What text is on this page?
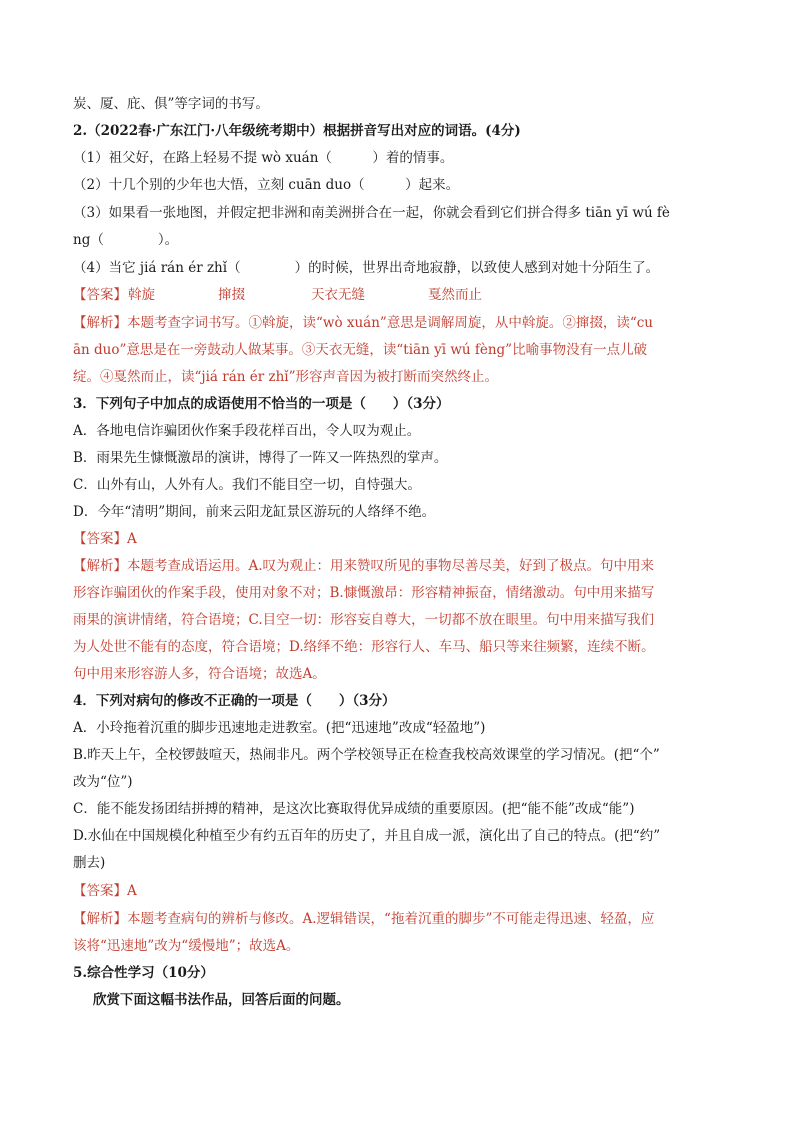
炭、厦、庇、俱”等字词的书写。
2.（2022春·广东江门·八年级统考期中）根据拼音写出对应的词语。(4分)
（1）祖父好，在路上轻易不提 wò xuán（　　　）着的情事。
（2）十几个别的少年也大悟，立刻 cuān duo（　　　）起来。
（3）如果看一张地图，并假定把非洲和南美洲拼合在一起，你就会看到它们拼合得多 tiān yī wú fè
ng（　　　　）。
（4）当它 jiá rán ér zhǐ（　　　　）的时候，世界出奇地寂静，以致使人感到对她十分陌生了。
【答案】 斡旋	撺掇	天衣无缝	戛然而止
【解析】本题考查字词书写。①斡旋，读“wò xuán”意思是调解周旋，从中斡旋。②撺掇，读“cu
ān duo”意思是在一旁鼓动人做某事。③天衣无缝，读“tiān yī wú fèng”比喻事物没有一点儿破
绽。④戛然而止，读“jiá rán ér zhǐ”形容声音因为被打断而突然终止。
3．下列句子中加点的成语使用不恰当的一项是（　　）（3分）
A．各地电信诈骗团伙作案手段花样百出，令人叹为观止。
B．雨果先生慷慨激昂的演讲，博得了一阵又一阵热烈的掌声。
C．山外有山，人外有人。我们不能目空一切，自恃强大。
D．今年“清明”期间，前来云阳龙缸景区游玩的人络绎不绝。
【答案】A
【解析】本题考查成语运用。A.叹为观止：用来赞叹所见的事物尽善尽美，好到了极点。句中用来
形容诈骗团伙的作案手段，使用对象不对；B.慷慨激昂：形容精神振奋，情绪激动。句中用来描写
雨果的演讲情绪，符合语境；C.目空一切：形容妄自尊大，一切都不放在眼里。句中用来描写我们
为人处世不能有的态度，符合语境；D.络绎不绝：形容行人、车马、船只等来往频繁，连续不断。
句中用来形容游人多，符合语境；故选A。
4．下列对病句的修改不正确的一项是（　　）（3分）
A．小玲拖着沉重的脚步迅速地走进教室。(把“迅速地”改成“轻盈地”)
B.昨天上午，全校锣鼓喧天，热闹非凡。两个学校领导正在检查我校高效课堂的学习情况。(把“个”
改为“位”)
C．能不能发扬团结拼搏的精神，是这次比赛取得优异成绩的重要原因。(把“能不能”改成“能”)
D.水仙在中国规模化种植至少有约五百年的历史了，并且自成一派，演化出了自己的特点。(把“约”
删去)
【答案】A
【解析】本题考查病句的辨析与修改。A.逻辑错误，“拖着沉重的脚步”不可能走得迅速、轻盈，应
该将“迅速地”改为“缓慢地”；故选A。
5.综合性学习（10分）
欣赏下面这幅书法作品，回答后面的问题。
